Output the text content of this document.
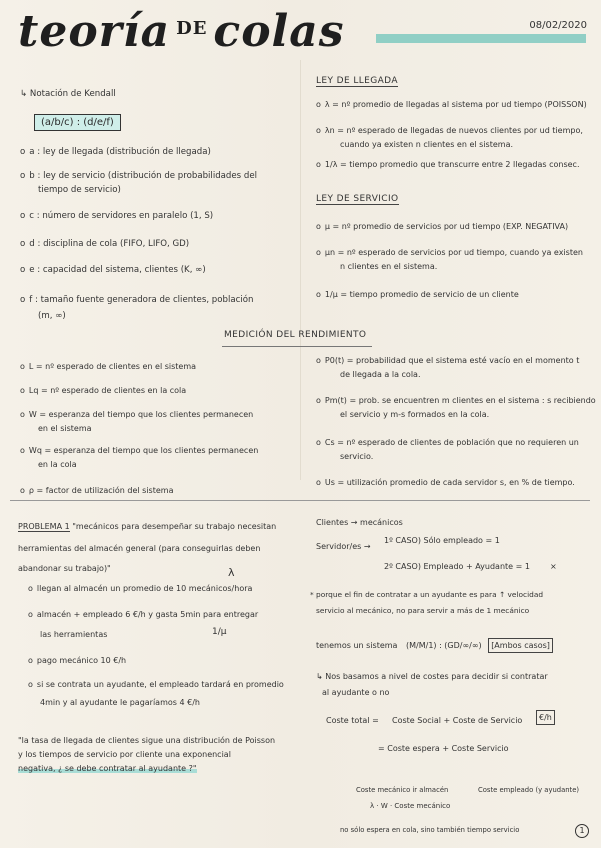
teoría $^{DE}$ colas	08/02/2020
↳ Notación de Kendall
(a/b/c) : (d/e/f)
o a : ley de llegada (distribución de llegada)
o b : ley de servicio (distribución de probabilidades del
tiempo de servicio)
o c : número de servidores en paralelo (1, S)
o d : disciplina de cola (FIFO, LIFO, GD)
o e : capacidad del sistema, clientes (K, ∞)
o f : tamaño fuente generadora de clientes, población
(m, ∞)
LEY DE LLEGADA
o λ = nº promedio de llegadas al sistema por ud tiempo (POISSON)
o λn = nº esperado de llegadas de nuevos clientes por ud tiempo,
cuando ya existen n clientes en el sistema.
o 1/λ = tiempo promedio que transcurre entre 2 llegadas consec.
LEY DE SERVICIO
o μ = nº promedio de servicios por ud tiempo (EXP. NEGATIVA)
o μn = nº esperado de servicios por ud tiempo, cuando ya existen
n clientes en el sistema.
o 1/μ = tiempo promedio de servicio de un cliente
MEDICIÓN DEL RENDIMIENTO
o L = nº esperado de clientes en el sistema
o Lq = nº esperado de clientes en la cola
o W = esperanza del tiempo que los clientes permanecen
en el sistema
o Wq = esperanza del tiempo que los clientes permanecen
en la cola
o ρ = factor de utilización del sistema
o P0(t) = probabilidad que el sistema esté vacío en el momento t
de llegada a la cola.
o Pm(t) = prob. se encuentren m clientes en el sistema : s recibiendo
el servicio y m-s formados en la cola.
o Cs = nº esperado de clientes de población que no requieren un
servicio.
o Us = utilización promedio de cada servidor s, en % de tiempo.
PROBLEMA 1 "mecánicos para desempeñar su trabajo necesitan
herramientas del almacén general (para conseguirlas deben
abandonar su trabajo)"	λ
o llegan al almacén un promedio de 10 mecánicos/hora
o almacén + empleado 6 €/h y gasta 5min para entregar
las herramientas	1/μ
o pago mecánico 10 €/h
o si se contrata un ayudante, el empleado tardará en promedio
4min y al ayudante le pagaríamos 4 €/h
"la tasa de llegada de clientes sigue una distribución de Poisson
y los tiempos de servicio por cliente una exponencial
negativa, ¿ se debe contratar al ayudante ?"
Clientes → mecánicos
Servidor/es →
1º CASO) Sólo empleado = 1
2º CASO) Empleado + Ayudante = 1	×
* porque el fin de contratar a un ayudante es para ↑ velocidad
servicio al mecánico, no para servir a más de 1 mecánico
tenemos un sistema (M/M/1) : (GD/∞/∞) [Ambos casos]
↳ Nos basamos a nivel de costes para decidir si contratar
al ayudante o no
Coste total = Coste Social + Coste de Servicio	€/h
= Coste espera + Coste Servicio
Coste mecánico ir almacén	Coste empleado (y ayudante)
λ · W · Coste mecánico
no sólo espera en cola, sino también tiempo servicio	1
